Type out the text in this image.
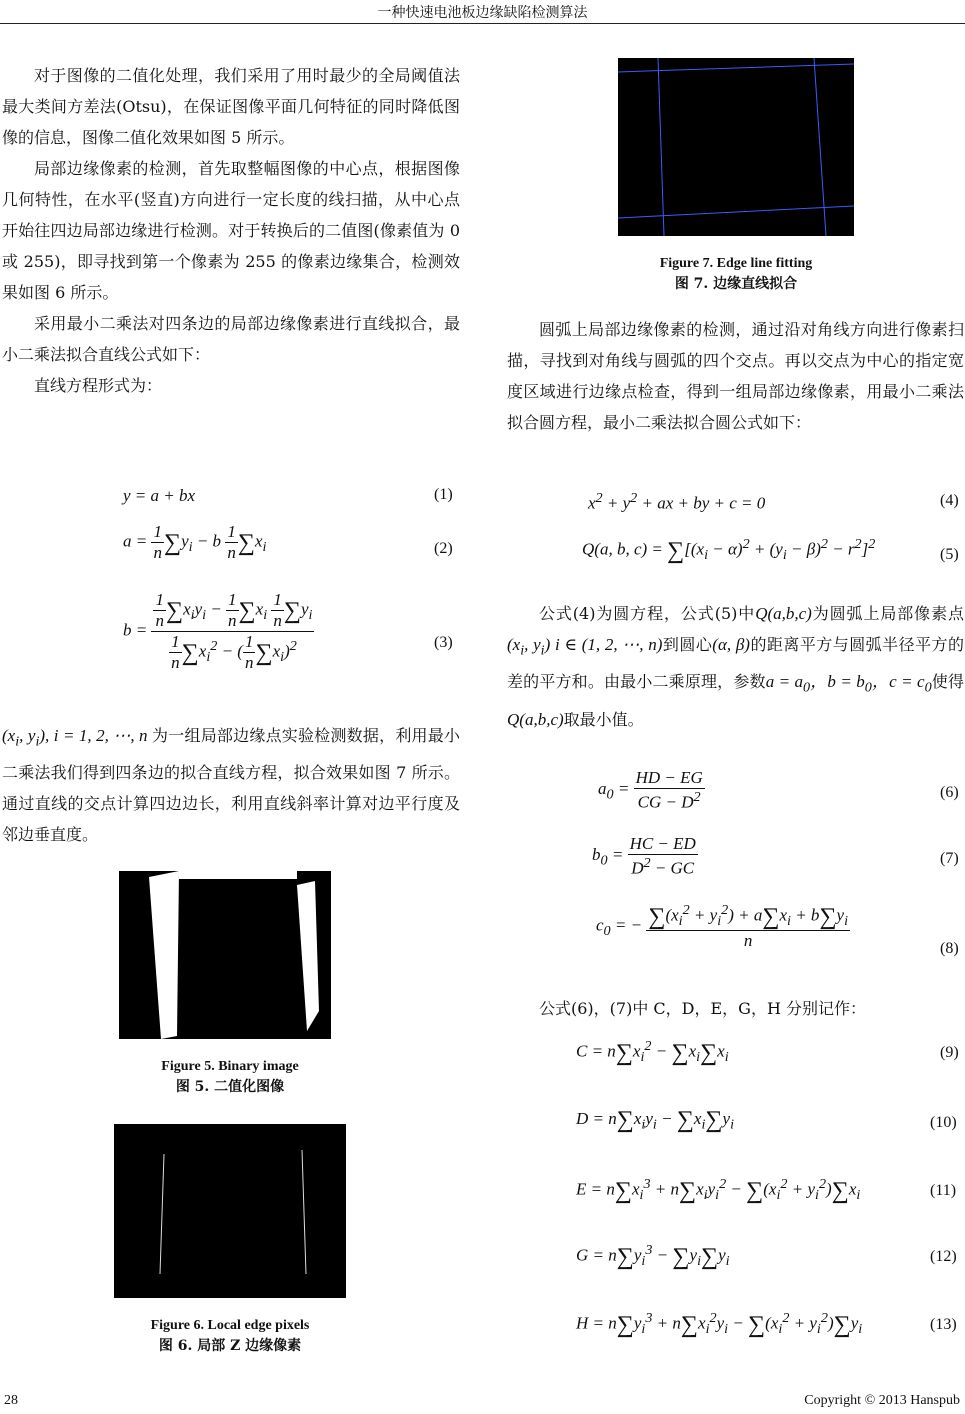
一种快速电池板边缘缺陷检测算法

对于图像的二值化处理，我们采用了用时最少的全局阈值法最大类间方差法(Otsu)，在保证图像平面几何特征的同时降低图像的信息，图像二值化效果如图 5 所示。

局部边缘像素的检测，首先取整幅图像的中心点，根据图像几何特性，在水平(竖直)方向进行一定长度的线扫描，从中心点开始往四边局部边缘进行检测。对于转换后的二值图(像素值为 0 或 255)，即寻找到第一个像素为 255 的像素边缘集合，检测效果如图 6 所示。

采用最小二乘法对四条边的局部边缘像素进行直线拟合，最小二乘法拟合直线公式如下：

直线方程形式为：

y = a + bx	(1)
$a = \frac{1}{n} \sum y_i - b \frac{1}{n} \sum x_i$	(2)
$b = \frac{\frac{1}{n} \sum x_iy_i - \frac{1}{n} \sum x_i \frac{1}{n} \sum y_i}{\frac{1}{n} \sum x_i^2 - ( \frac{1}{n} \sum x_i)^2}$	(3)

($x_i$, $y_i$), i = 1, 2, ⋯, n 为一组局部边缘点实验检测数据，利用最小二乘法我们得到四条边的拟合直线方程，拟合效果如图 7 所示。通过直线的交点计算四边边长，利用直线斜率计算对边平行度及邻边垂直度。

Figure 5. Binary image
图 5. 二值化图像
Figure 6. Local edge pixels
图 6. 局部 Z 边缘像素
Figure 7. Edge line fitting
图 7. 边缘直线拟合

圆弧上局部边缘像素的检测，通过沿对角线方向进行像素扫描，寻找到对角线与圆弧的四个交点。再以交点为中心的指定宽度区域进行边缘点检查，得到一组局部边缘像素，用最小二乘法拟合圆方程，最小二乘法拟合圆公式如下：

$x^2 + y^2$ + ax + by + c = 0	(4)
Q(a, b, $c) = \sum[(x_i - \alpha)^2 + (y_i - \beta)^2 - r^2]^2$
(5)

公式(4)为圆方程，公式(5)中Q(a,b,c)为圆弧上局部像素点($x_i$, $y_i$) i ∈ (1, 2, ⋯, n)到圆心(α, β)的距离平方与圆弧半径平方的差的平方和。由最小二乘原理，参数$a = a_0$，$b = b_0$，$c = c_0$使得Q(a,b,c)取最小值。

$a_0 = \frac{HD - EG}{CG - D^2}$	(6)
$b_0 = \frac{HC - ED}{D^2 - GC}$	(7)
$c_0$ = − $\frac{\sum(x_i^2 + y_i^2) + a\sum x_i + b\sum y_i}{n}$	(8)

公式(6)，(7)中 C，D，E，G，H 分别记作：

$C = n\sum x_i^2 - \sum x_i\sum x_i$	(9)
$D = n\sum x_iy_i - \sum x_i\sum y_i$	(10)
$E = n\sum x_i^3 + n\sum x_iy_i^2 - \sum(x_i^2 + y_i^2)\sum x_i$	(11)
$G = n\sum y_i^3 - \sum y_i\sum y_i$	(12)
$H = n\sum y_i^3 + n\sum x_i^2y_i - \sum(x_i^2 + y_i^2)\sum y_i$	(13)
28	Copyright © 2013 Hanspub
